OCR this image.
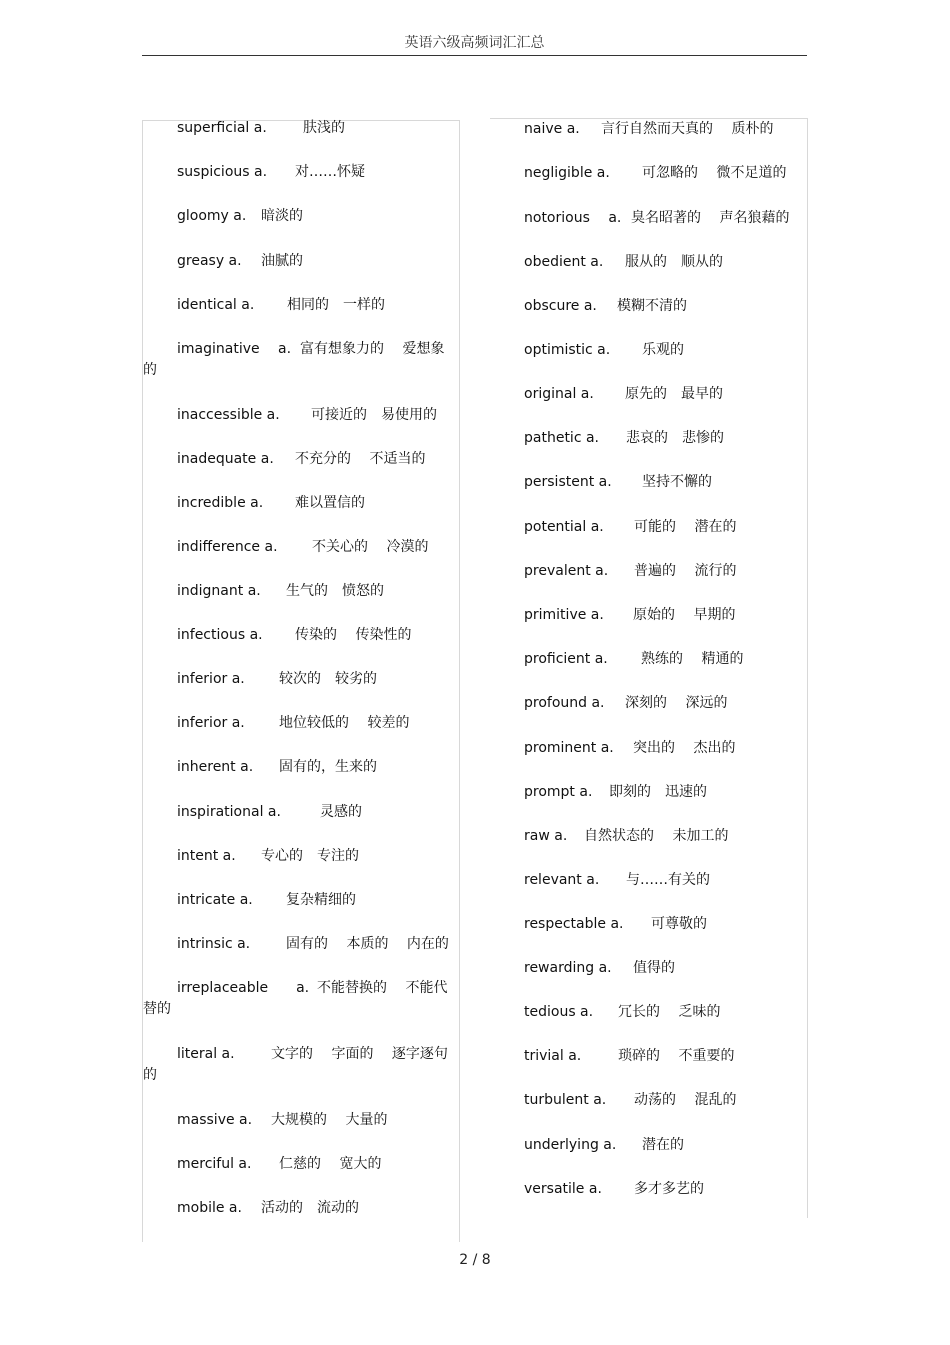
英语六级高频词汇汇总
superficial a.	肤浅的
suspicious a. 对……怀疑
gloomy a. 暗淡的
greasy a. 油腻的
identical a. 相同的　一样的
imaginative　 a. 富有想象力的　 爱想象
的
inaccessible a. 可接近的　易使用的
inadequate a. 不充分的　 不适当的
incredible a. 难以置信的
indifference a. 不关心的　 冷漠的
indignant a. 生气的　愤怒的
infectious a. 传染的　 传染性的
inferior a. 较次的　较劣的
inferior a. 地位较低的　 较差的
inherent a. 固有的，生来的
inspirational a.	灵感的
intent a. 专心的　专注的
intricate a. 复杂精细的
intrinsic a.	固有的　 本质的　 内在的
irreplaceable　　a. 不能替换的　 不能代
替的
literal a.	文字的　 字面的　 逐字逐句
的
massive a. 大规模的　 大量的
merciful a. 仁慈的　 宽大的
mobile a. 活动的　流动的
naive a. 言行自然而天真的　 质朴的
negligible a. 可忽略的　 微不足道的
notorious　 a. 臭名昭著的　 声名狼藉的
obedient a. 服从的　顺从的
obscure a. 模糊不清的
optimistic a. 乐观的
original a. 原先的　最早的
pathetic a. 悲哀的　悲惨的
persistent a. 坚持不懈的
potential a. 可能的　 潜在的
prevalent a. 普遍的　 流行的
primitive a. 原始的　 早期的
proficient a. 熟练的　 精通的
profound a. 深刻的　 深远的
prominent a. 突出的　 杰出的
prompt a. 即刻的　迅速的
raw a. 自然状态的　 未加工的
relevant a. 与……有关的
respectable a. 可尊敬的
rewarding a. 值得的
tedious a. 冗长的　 乏味的
trivial a.	琐碎的　 不重要的
turbulent a. 动荡的　 混乱的
underlying a. 潜在的
versatile a. 多才多艺的
2 / 8
